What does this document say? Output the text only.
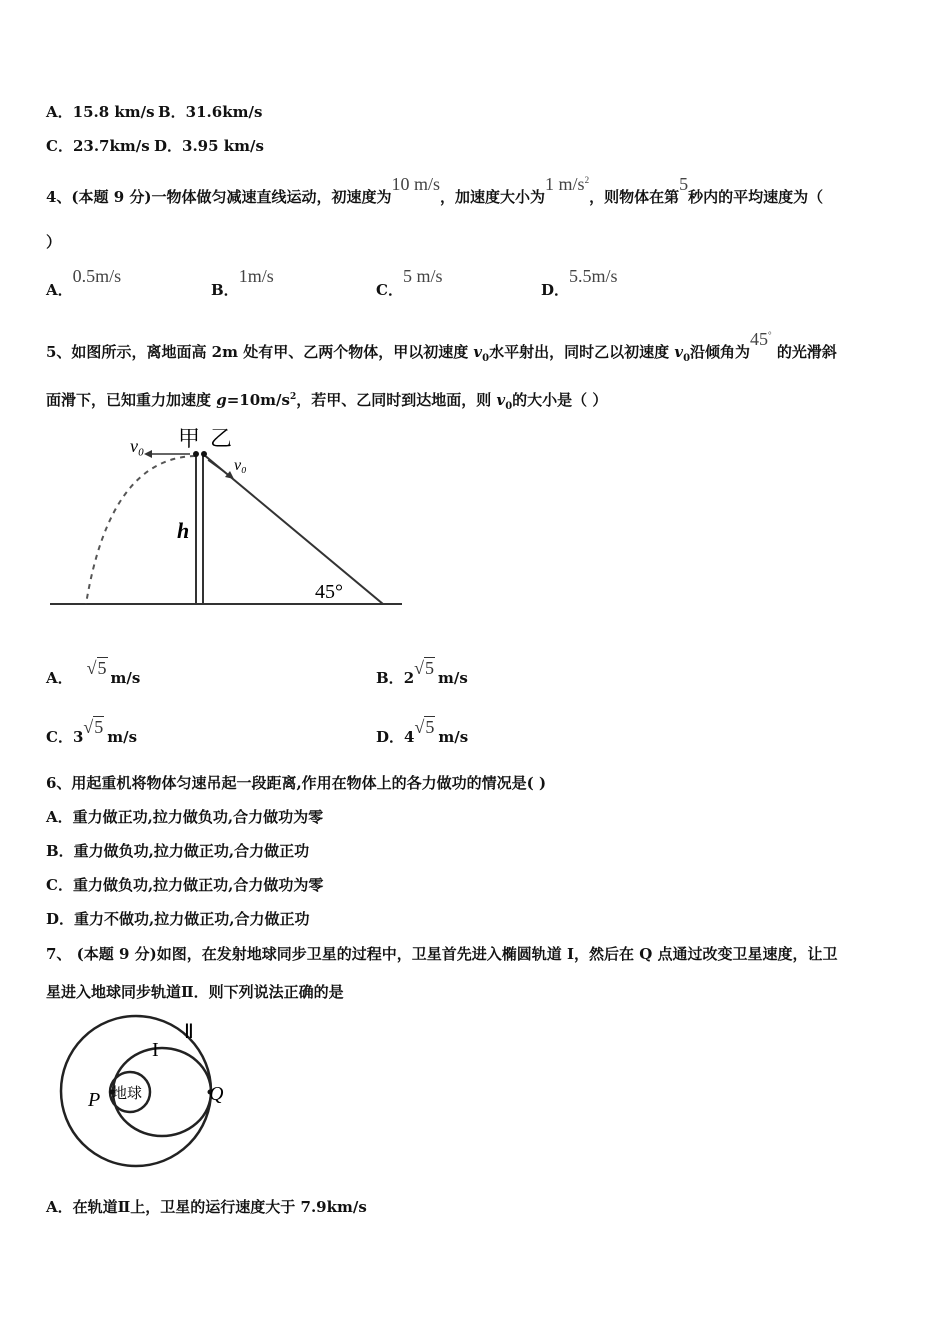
A．15.8 km/s B．31.6km/s
C．23.7km/s D．3.95 km/s
4、(本题 9 分)一物体做匀减速直线运动，初速度为10 m/s，加速度大小为1 $m/s^2$，则物体在第5秒内的平均速度为（
）
A．0.5m/s
B．1m/s
C．5 m/s
D．5.5m/s
5、如图所示，离地面高 2m 处有甲、乙两个物体，甲以初速度 $v_0$水平射出，同时乙以初速度 $v_0$沿倾角为45° 的光滑斜
面滑下，已知重力加速度 $g=10m/s^2$，若甲、乙同时到达地面，则 $v_0$的大小是（ ）
甲 乙
v₀
v₀
h
45°
A． √5 m/s	B．2√5 m/s
C．3√5 m/s	D．4√5 m/s
6、用起重机将物体匀速吊起一段距离,作用在物体上的各力做功的情况是( )
A．重力做正功,拉力做负功,合力做功为零
B．重力做负功,拉力做正功,合力做正功
C．重力做负功,拉力做正功,合力做功为零
D．重力不做功,拉力做正功,合力做正功
7、 (本题 9 分)如图，在发射地球同步卫星的过程中，卫星首先进入椭圆轨道 I，然后在 Q 点通过改变卫星速度，让卫
星进入地球同步轨道Ⅱ．则下列说法正确的是
地球
P	Q
I
Ⅱ
A．在轨道Ⅱ上，卫星的运行速度大于 7.9km/s
